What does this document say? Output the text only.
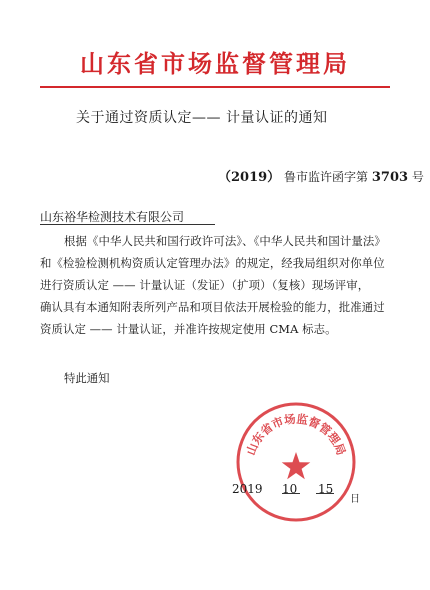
山东省市场监督管理局
关于通过资质认定—— 计量认证的通知
（2019） 鲁市监许函字第 3703 号
山东裕华检测技术有限公司
根据《中华人民共和国行政许可法》、《中华人民共和国计量法》
和《检验检测机构资质认定管理办法》的规定，经我局组织对你单位
进行资质认定 —— 计量认证（发证）（扩项）（复核）现场评审，
确认具有本通知附表所列产品和项目依法开展检验的能力，批准通过
资质认定 —— 计量认证，并准许按规定使用 CMA 标志。
特此通知
山东省市场监督管理局
2019 10 15
日
